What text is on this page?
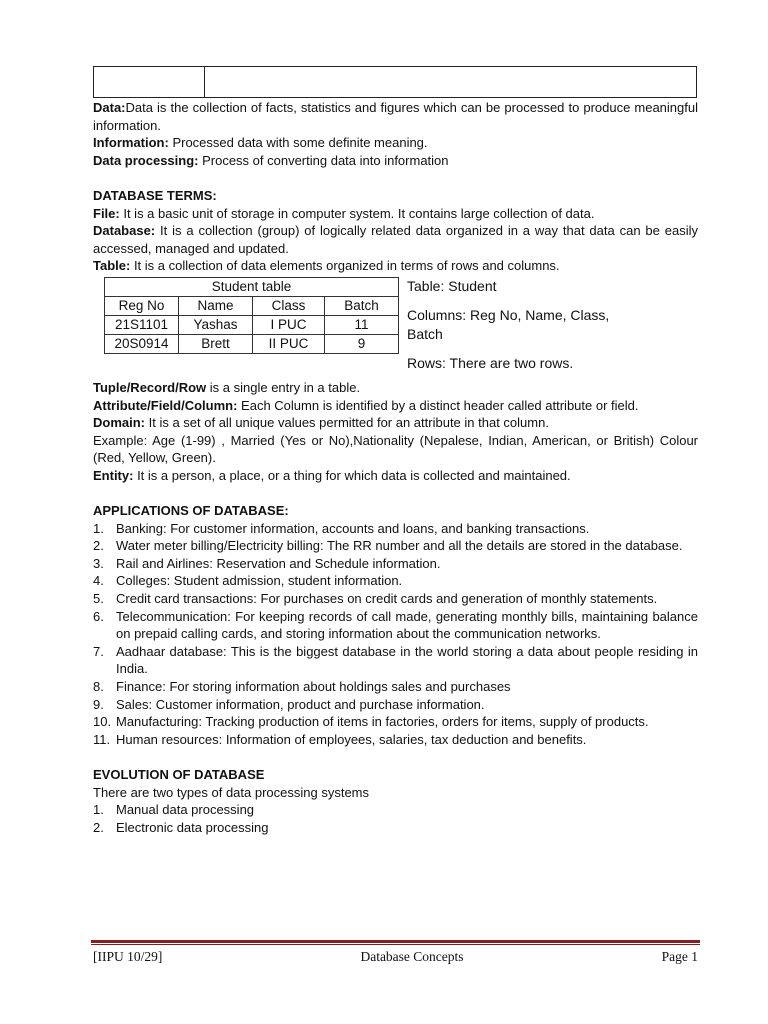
Data:Data is the collection of facts, statistics and figures which can be processed to produce meaningful information.

Information: Processed data with some definite meaning.

Data processing: Process of converting data into information

DATABASE TERMS:

File: It is a basic unit of storage in computer system. It contains large collection of data.

Database: It is a collection (group) of logically related data organized in a way that data can be easily accessed, managed and updated.

Table: It is a collection of data elements organized in terms of rows and columns.

Student table			
Reg No	Name	Class	Batch
21S1101	Yashas	I PUC	11
20S0914	Brett	II PUC	9
Table: Student
Columns: Reg No, Name, Class, Batch
Rows: There are two rows.

Tuple/Record/Row is a single entry in a table.

Attribute/Field/Column: Each Column is identified by a distinct header called attribute or field.

Domain: It is a set of all unique values permitted for an attribute in that column.

Example: Age (1-99) , Married (Yes or No),Nationality (Nepalese, Indian, American, or British) Colour (Red, Yellow, Green).

Entity: It is a person, a place, or a thing for which data is collected and maintained.

APPLICATIONS OF DATABASE:

1. Banking: For customer information, accounts and loans, and banking transactions.
2. Water meter billing/Electricity billing: The RR number and all the details are stored in the database.
3. Rail and Airlines: Reservation and Schedule information.
4. Colleges: Student admission, student information.
5. Credit card transactions: For purchases on credit cards and generation of monthly statements.
6. Telecommunication: For keeping records of call made, generating monthly bills, maintaining balance on prepaid calling cards, and storing information about the communication networks.
7. Aadhaar database: This is the biggest database in the world storing a data about people residing in India.
8. Finance: For storing information about holdings sales and purchases
9. Sales: Customer information, product and purchase information.
10. Manufacturing: Tracking production of items in factories, orders for items, supply of products.
11. Human resources: Information of employees, salaries, tax deduction and benefits.

EVOLUTION OF DATABASE

There are two types of data processing systems

1. Manual data processing
2. Electronic data processing
[IIPU 10/29]	Database Concepts	Page 1
